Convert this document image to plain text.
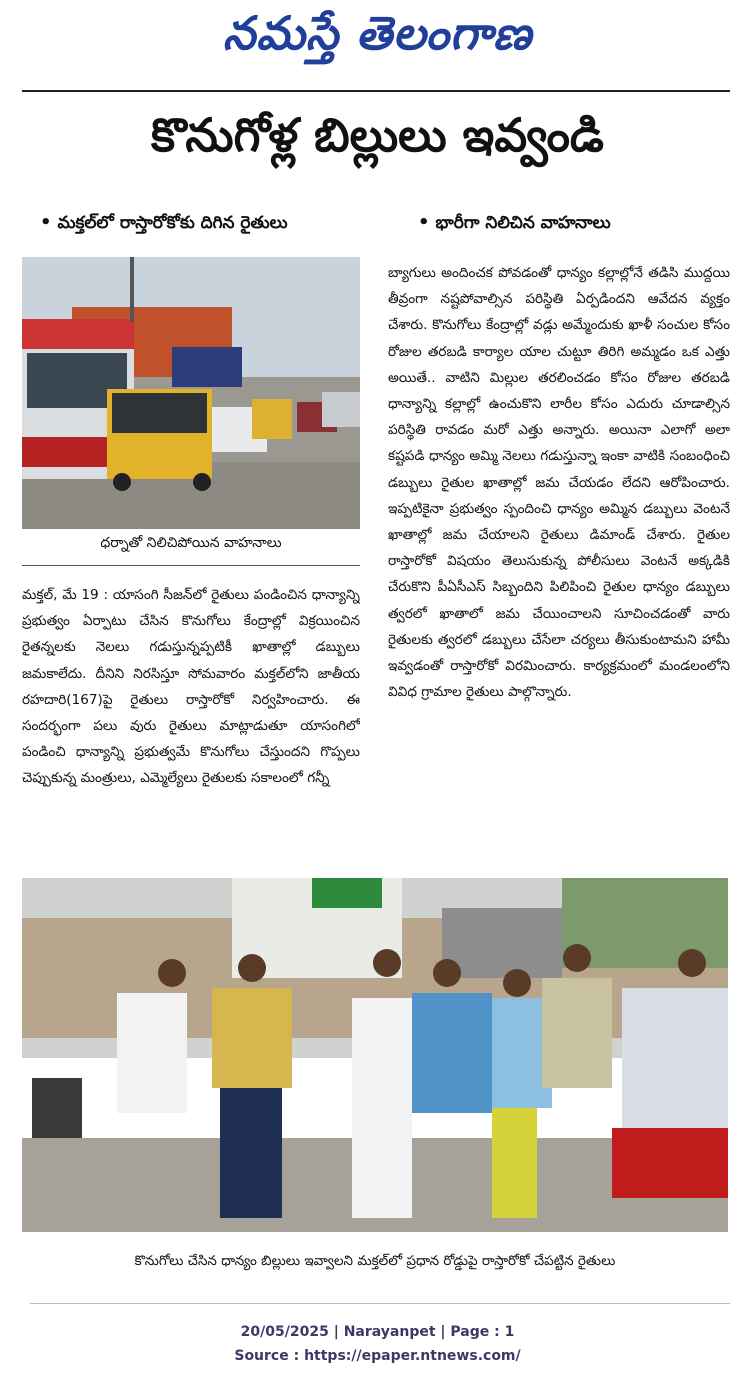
నమస్తే తెలంగాణ
కొనుగోళ్ల బిల్లులు ఇవ్వండి
• మక్తల్‌లో రాస్తారోకోకు దిగిన రైతులు	• భారీగా నిలిచిన వాహనాలు
ధర్నాతో నిలిచిపోయిన వాహనాలు

మక్తల్‌, మే 19 : యాసంగి సీజన్‌లో రైతులు పండించిన ధాన్యాన్ని ప్రభుత్వం ఏర్పాటు చేసిన కొనుగోలు కేంద్రాల్లో విక్రయించిన రైతన్నలకు నెలలు గడుస్తున్నప్పటికీ ఖాతాల్లో డబ్బులు జమకాలేదు. దీనిని నిరసిస్తూ సోమవారం మక్తల్‌లోని జాతీయ రహదారి(167)పై రైతులు రాస్తారోకో నిర్వహించారు. ఈ సందర్భంగా పలు వురు రైతులు మాట్లాడుతూ యాసంగిలో పండించి ధాన్యాన్ని ప్రభుత్వమే కొనుగోలు చేస్తుందని గొప్పలు చెప్పుకున్న మంత్రులు, ఎమ్మెల్యేలు రైతులకు సకాలంలో గన్నీ

బ్యాగులు అందించక పోవడంతో ధాన్యం కల్లాల్లోనే తడిసి ముద్దయి తీవ్రంగా నష్టపోవాల్సిన పరిస్థితి ఏర్పడిందని ఆవేదన వ్యక్తం చేశారు. కొనుగోలు కేంద్రాల్లో వడ్లు అమ్మేందుకు ఖాళీ సంచుల కోసం రోజుల తరబడి కార్యాల యాల చుట్టూ తిరిగి అమ్మడం ఒక ఎత్తు అయితే.. వాటిని మిల్లుల తరలించడం కోసం రోజుల తరబడి ధాన్యాన్ని కల్లాల్లో ఉంచుకొని లారీల కోసం ఎదురు చూడాల్సిన పరిస్థితి రావడం మరో ఎత్తు అన్నారు. అయినా ఎలాగో అలా కష్టపడి ధాన్యం అమ్మి నెలలు గడుస్తున్నా ఇంకా వాటికి సంబంధించి డబ్బులు రైతుల ఖాతాల్లో జమ చేయడం లేదని ఆరోపించారు. ఇప్పటికైనా ప్రభుత్వం స్పందించి ధాన్యం అమ్మిన డబ్బులు వెంటనే ఖాతాల్లో జమ చేయాలని రైతులు డిమాండ్‌ చేశారు. రైతుల రాస్తారోకో విషయం తెలుసుకున్న పోలీసులు వెంటనే అక్కడికి చేరుకొని పీఏసీఎస్‌ సిబ్బందిని పిలిపించి రైతుల ధాన్యం డబ్బులు త్వరలో ఖాతాలో జమ చేయించాలని సూచించడంతో వారు రైతులకు త్వరలో డబ్బులు చేసేలా చర్యలు తీసుకుంటామని హామీ ఇవ్వడంతో రాస్తారోకో విరమించారు. కార్యక్రమంలో మండలంలోని వివిధ గ్రామాల రైతులు పాల్గొన్నారు.

కొనుగోలు చేసిన ధాన్యం బిల్లులు ఇవ్వాలని మక్తల్‌లో ప్రధాన రోడ్డుపై రాస్తారోకో చేపట్టిన రైతులు
20/05/2025 | Narayanpet | Page : 1
Source : https://epaper.ntnews.com/
